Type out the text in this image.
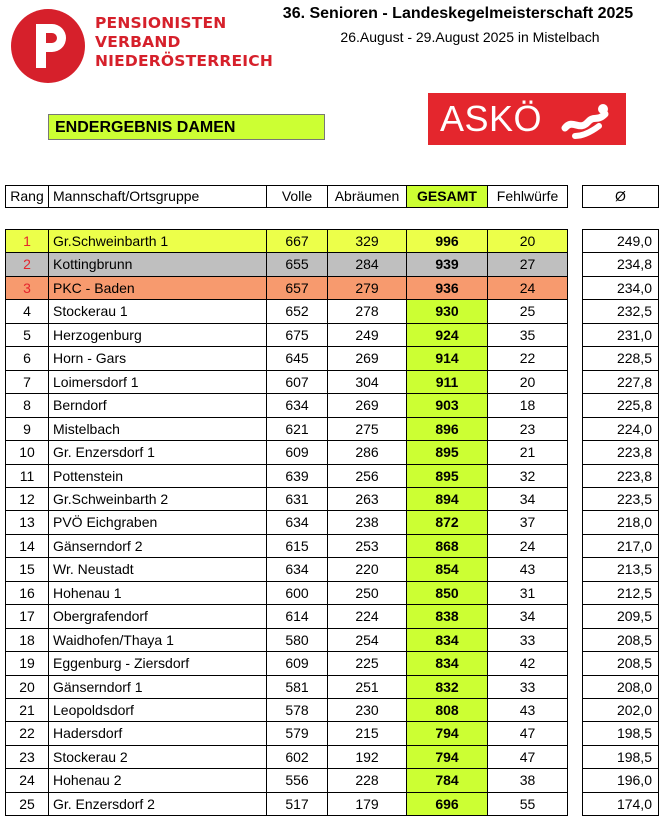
PENSIONISTEN
VERBAND
NIEDERÖSTERREICH
36. Senioren - Landeskegelmeisterschaft 2025
26.August - 29.August 2025 in Mistelbach
ENDERGEBNIS DAMEN	ASKÖ
Rang Mannschaft/Ortsgruppe	Volle	Abräumen	GESAMT	Fehlwürfe	Ø
1	Gr.Schweinbarth 1	667	329	996	20	249,0
2	Kottingbrunn	655	284	939	27	234,8
3	PKC - Baden	657	279	936	24	234,0
4	Stockerau 1	652	278	930	25	232,5
5	Herzogenburg	675	249	924	35	231,0
6	Horn - Gars	645	269	914	22	228,5
7	Loimersdorf 1	607	304	911	20	227,8
8	Berndorf	634	269	903	18	225,8
9	Mistelbach	621	275	896	23	224,0
10	Gr. Enzersdorf 1	609	286	895	21	223,8
11	Pottenstein	639	256	895	32	223,8
12	Gr.Schweinbarth 2	631	263	894	34	223,5
13	PVÖ Eichgraben	634	238	872	37	218,0
14	Gänserndorf 2	615	253	868	24	217,0
15	Wr. Neustadt	634	220	854	43	213,5
16	Hohenau 1	600	250	850	31	212,5
17	Obergrafendorf	614	224	838	34	209,5
18	Waidhofen/Thaya 1	580	254	834	33	208,5
19	Eggenburg - Ziersdorf	609	225	834	42	208,5
20	Gänserndorf 1	581	251	832	33	208,0
21	Leopoldsdorf	578	230	808	43	202,0
22	Hadersdorf	579	215	794	47	198,5
23	Stockerau 2	602	192	794	47	198,5
24	Hohenau 2	556	228	784	38	196,0
25	Gr. Enzersdorf 2	517	179	696	55	174,0
